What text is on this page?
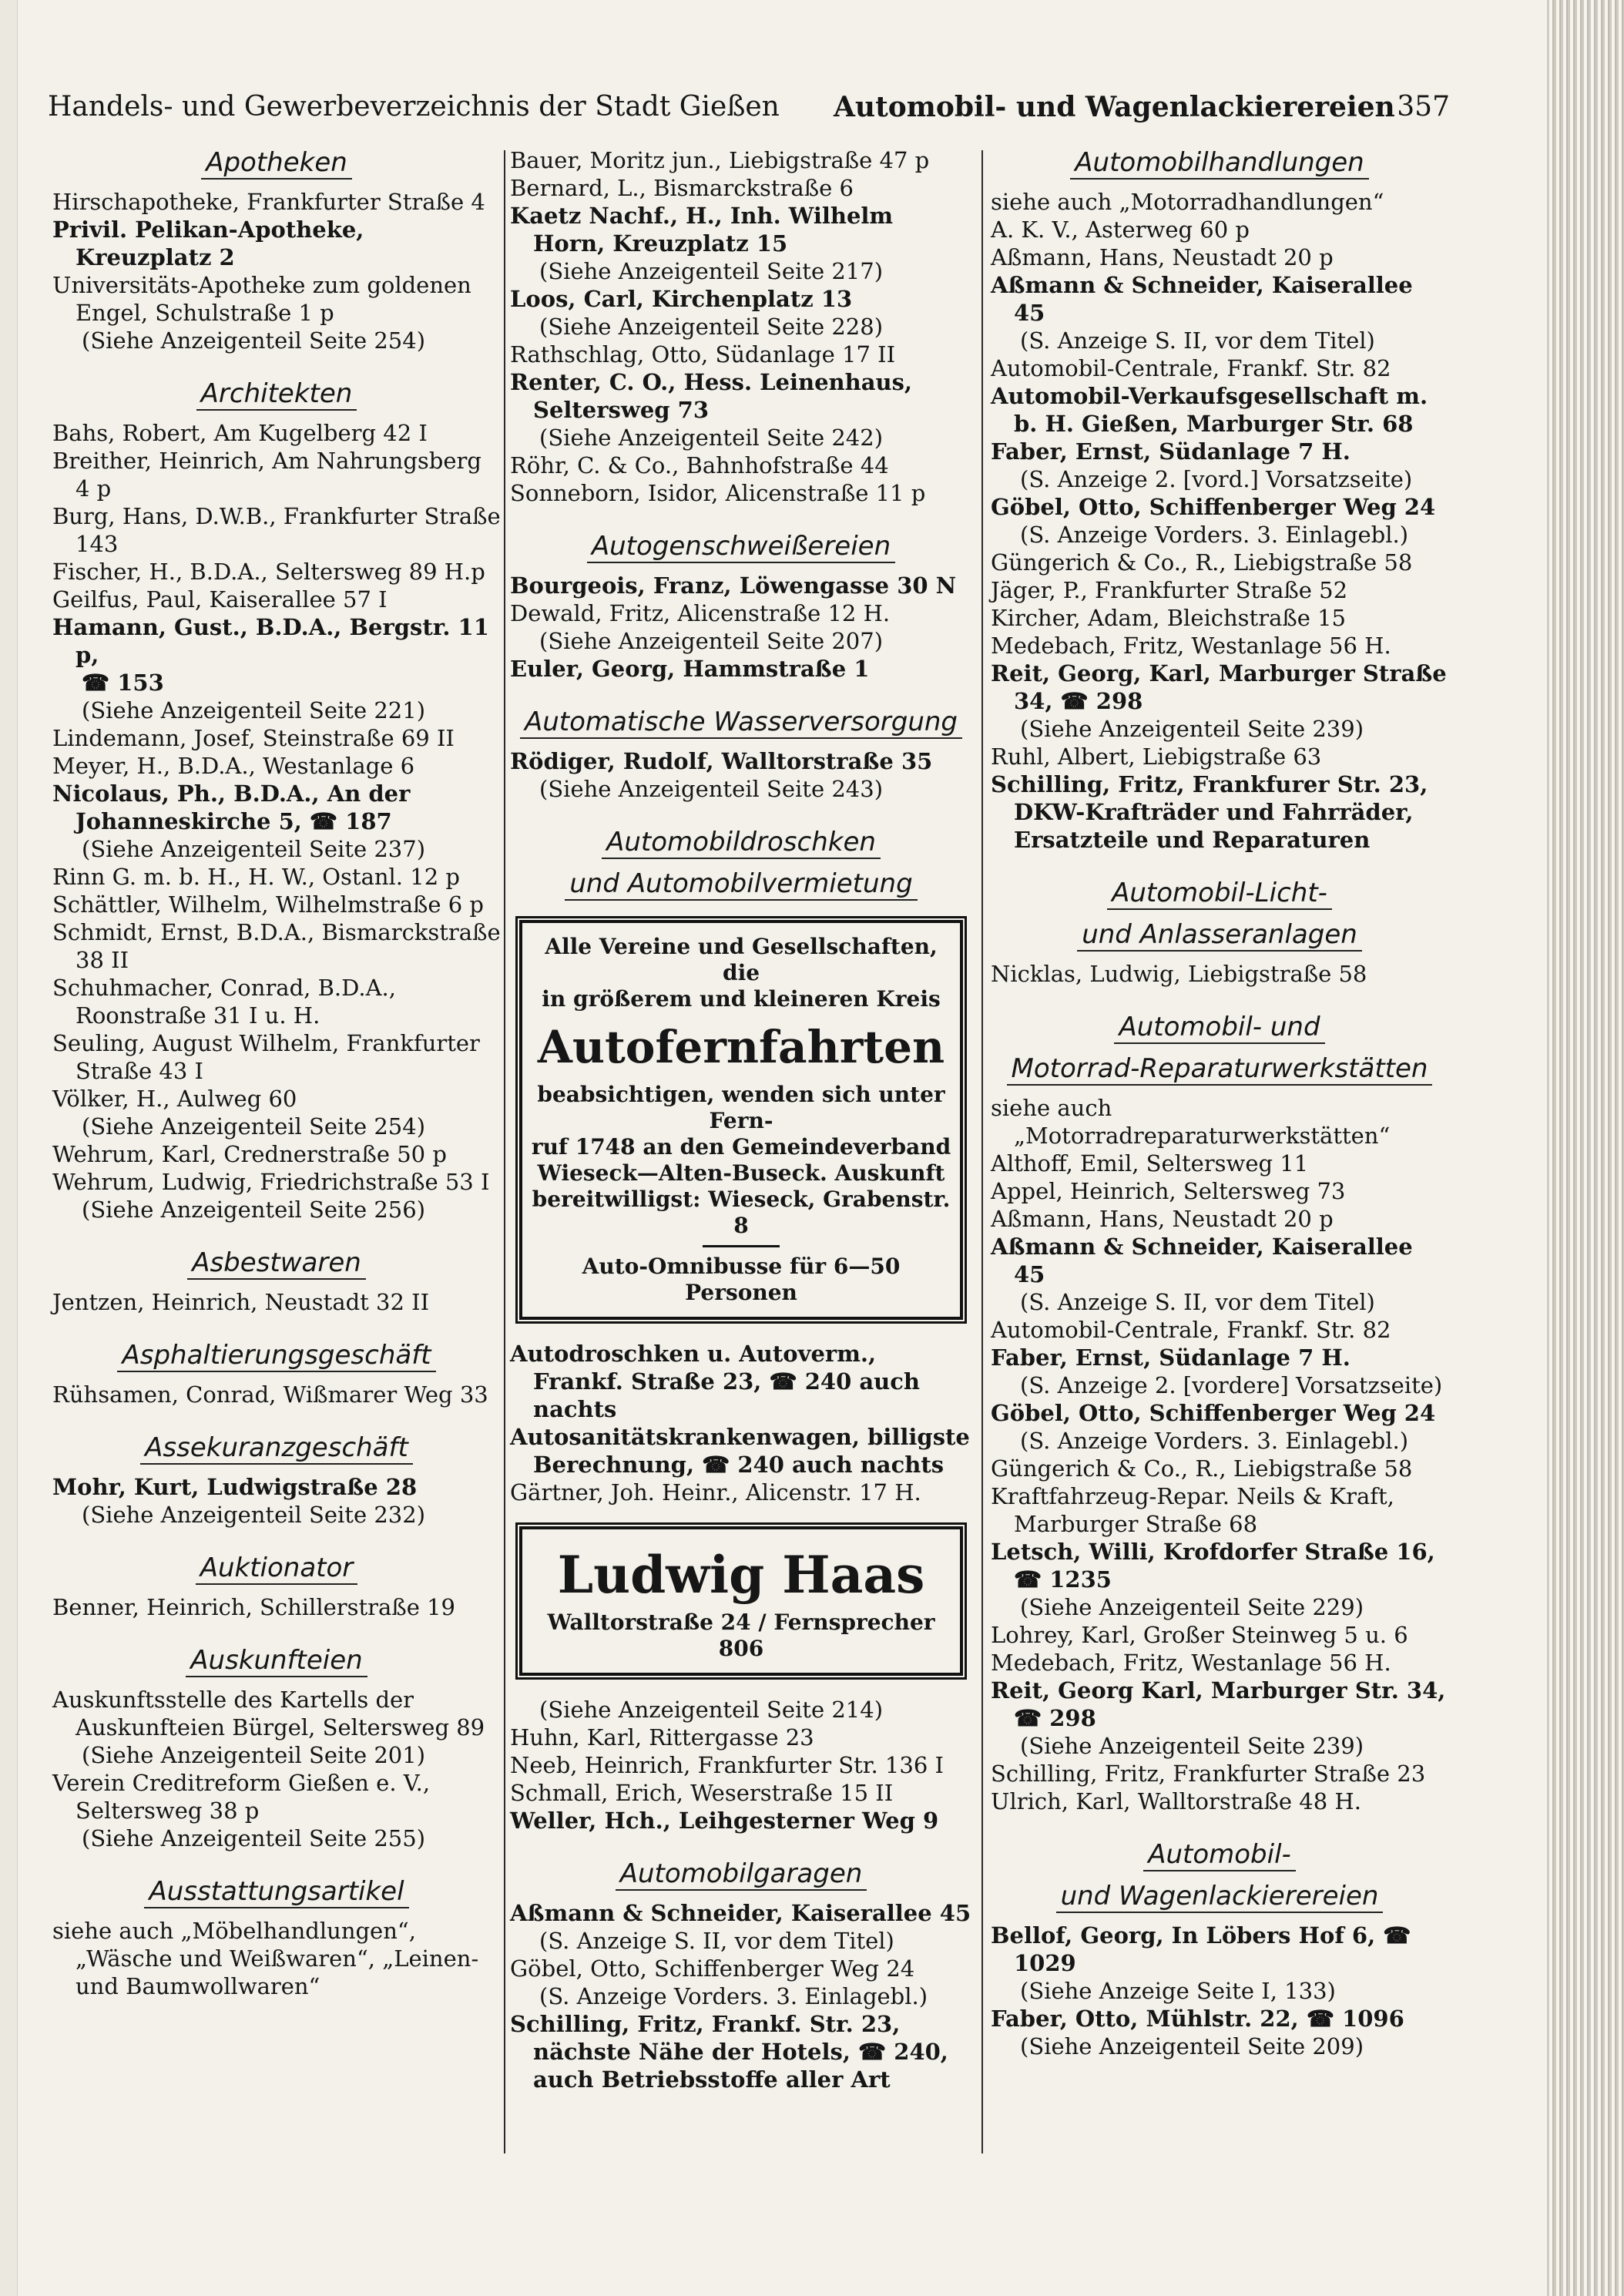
Handels- und Gewerbeverzeichnis der Stadt Gießen Automobil- und Wagenlackierereien 357
Apotheken

Hirschapotheke, Frankfurter Straße 4

Privil. Pelikan-Apotheke, Kreuzplatz 2

Universitäts-Apotheke zum goldenen Engel, Schulstraße 1 p

(Siehe Anzeigenteil Seite 254)

Architekten

Bahs, Robert, Am Kugelberg 42 I

Breither, Heinrich, Am Nahrungsberg 4 p

Burg, Hans, D.W.B., Frankfurter Straße 143

Fischer, H., B.D.A., Seltersweg 89 H.p

Geilfus, Paul, Kaiserallee 57 I

Hamann, Gust., B.D.A., Bergstr. 11 p,

☎ 153

(Siehe Anzeigenteil Seite 221)

Lindemann, Josef, Steinstraße 69 II

Meyer, H., B.D.A., Westanlage 6

Nicolaus, Ph., B.D.A., An der Johanneskirche 5, ☎ 187

(Siehe Anzeigenteil Seite 237)

Rinn G. m. b. H., H. W., Ostanl. 12 p

Schättler, Wilhelm, Wilhelmstraße 6 p

Schmidt, Ernst, B.D.A., Bismarckstraße 38 II

Schuhmacher, Conrad, B.D.A., Roonstraße 31 I u. H.

Seuling, August Wilhelm, Frankfurter Straße 43 I

Völker, H., Aulweg 60

(Siehe Anzeigenteil Seite 254)

Wehrum, Karl, Crednerstraße 50 p

Wehrum, Ludwig, Friedrichstraße 53 I

(Siehe Anzeigenteil Seite 256)

Asbestwaren

Jentzen, Heinrich, Neustadt 32 II

Asphaltierungsgeschäft

Rühsamen, Conrad, Wißmarer Weg 33

Assekuranzgeschäft

Mohr, Kurt, Ludwigstraße 28

(Siehe Anzeigenteil Seite 232)

Auktionator

Benner, Heinrich, Schillerstraße 19

Auskunfteien

Auskunftsstelle des Kartells der Auskunfteien Bürgel, Seltersweg 89

(Siehe Anzeigenteil Seite 201)

Verein Creditreform Gießen e. V., Seltersweg 38 p

(Siehe Anzeigenteil Seite 255)

Ausstattungsartikel

siehe auch „Möbelhandlungen“, „Wäsche und Weißwaren“, „Leinen- und Baumwollwaren“

Bauer, Moritz jun., Liebigstraße 47 p

Bernard, L., Bismarckstraße 6

Kaetz Nachf., H., Inh. Wilhelm Horn, Kreuzplatz 15

(Siehe Anzeigenteil Seite 217)

Loos, Carl, Kirchenplatz 13

(Siehe Anzeigenteil Seite 228)

Rathschlag, Otto, Südanlage 17 II

Renter, C. O., Hess. Leinenhaus, Seltersweg 73

(Siehe Anzeigenteil Seite 242)

Röhr, C. & Co., Bahnhofstraße 44

Sonneborn, Isidor, Alicenstraße 11 p

Autogenschweißereien

Bourgeois, Franz, Löwengasse 30 N

Dewald, Fritz, Alicenstraße 12 H.

(Siehe Anzeigenteil Seite 207)

Euler, Georg, Hammstraße 1

Automatische Wasserversorgung

Rödiger, Rudolf, Walltorstraße 35

(Siehe Anzeigenteil Seite 243)

Automobildroschken
und Automobilvermietung

Alle Vereine und Gesellschaften, die

in größerem und kleineren Kreis

Autofernfahrten

beabsichtigen, wenden sich unter Fern-

ruf 1748 an den Gemeindeverband

Wieseck—Alten-Buseck. Auskunft

bereitwilligst: Wieseck, Grabenstr. 8

Auto-Omnibusse für 6—50 Personen

Autodroschken u. Autoverm., Frankf. Straße 23, ☎ 240 auch nachts

Autosanitätskrankenwagen, billigste Berechnung, ☎ 240 auch nachts

Gärtner, Joh. Heinr., Alicenstr. 17 H.

Ludwig Haas

Walltorstraße 24 / Fernsprecher 806

(Siehe Anzeigenteil Seite 214)

Huhn, Karl, Rittergasse 23

Neeb, Heinrich, Frankfurter Str. 136 I

Schmall, Erich, Weserstraße 15 II

Weller, Hch., Leihgesterner Weg 9

Automobilgaragen

Aßmann & Schneider, Kaiserallee 45

(S. Anzeige S. II, vor dem Titel)

Göbel, Otto, Schiffenberger Weg 24

(S. Anzeige Vorders. 3. Einlagebl.)

Schilling, Fritz, Frankf. Str. 23, nächste Nähe der Hotels, ☎ 240, auch Betriebsstoffe aller Art

Automobilhandlungen

siehe auch „Motorradhandlungen“

A. K. V., Asterweg 60 p

Aßmann, Hans, Neustadt 20 p

Aßmann & Schneider, Kaiserallee 45

(S. Anzeige S. II, vor dem Titel)

Automobil-Centrale, Frankf. Str. 82

Automobil-Verkaufsgesellschaft m. b. H. Gießen, Marburger Str. 68

Faber, Ernst, Südanlage 7 H.

(S. Anzeige 2. [vord.] Vorsatzseite)

Göbel, Otto, Schiffenberger Weg 24

(S. Anzeige Vorders. 3. Einlagebl.)

Güngerich & Co., R., Liebigstraße 58

Jäger, P., Frankfurter Straße 52

Kircher, Adam, Bleichstraße 15

Medebach, Fritz, Westanlage 56 H.

Reit, Georg, Karl, Marburger Straße 34, ☎ 298

(Siehe Anzeigenteil Seite 239)

Ruhl, Albert, Liebigstraße 63

Schilling, Fritz, Frankfurer Str. 23, DKW-Krafträder und Fahrräder, Ersatzteile und Reparaturen

Automobil-Licht-
und Anlasseranlagen

Nicklas, Ludwig, Liebigstraße 58

Automobil- und
Motorrad-Reparaturwerkstätten

siehe auch „Motorradreparaturwerkstätten“

Althoff, Emil, Seltersweg 11

Appel, Heinrich, Seltersweg 73

Aßmann, Hans, Neustadt 20 p

Aßmann & Schneider, Kaiserallee 45

(S. Anzeige S. II, vor dem Titel)

Automobil-Centrale, Frankf. Str. 82

Faber, Ernst, Südanlage 7 H.

(S. Anzeige 2. [vordere] Vorsatzseite)

Göbel, Otto, Schiffenberger Weg 24

(S. Anzeige Vorders. 3. Einlagebl.)

Güngerich & Co., R., Liebigstraße 58

Kraftfahrzeug-Repar. Neils & Kraft, Marburger Straße 68

Letsch, Willi, Krofdorfer Straße 16, ☎ 1235

(Siehe Anzeigenteil Seite 229)

Lohrey, Karl, Großer Steinweg 5 u. 6

Medebach, Fritz, Westanlage 56 H.

Reit, Georg Karl, Marburger Str. 34, ☎ 298

(Siehe Anzeigenteil Seite 239)

Schilling, Fritz, Frankfurter Straße 23

Ulrich, Karl, Walltorstraße 48 H.

Automobil-
und Wagenlackierereien

Bellof, Georg, In Löbers Hof 6, ☎ 1029

(Siehe Anzeige Seite I, 133)

Faber, Otto, Mühlstr. 22, ☎ 1096

(Siehe Anzeigenteil Seite 209)
